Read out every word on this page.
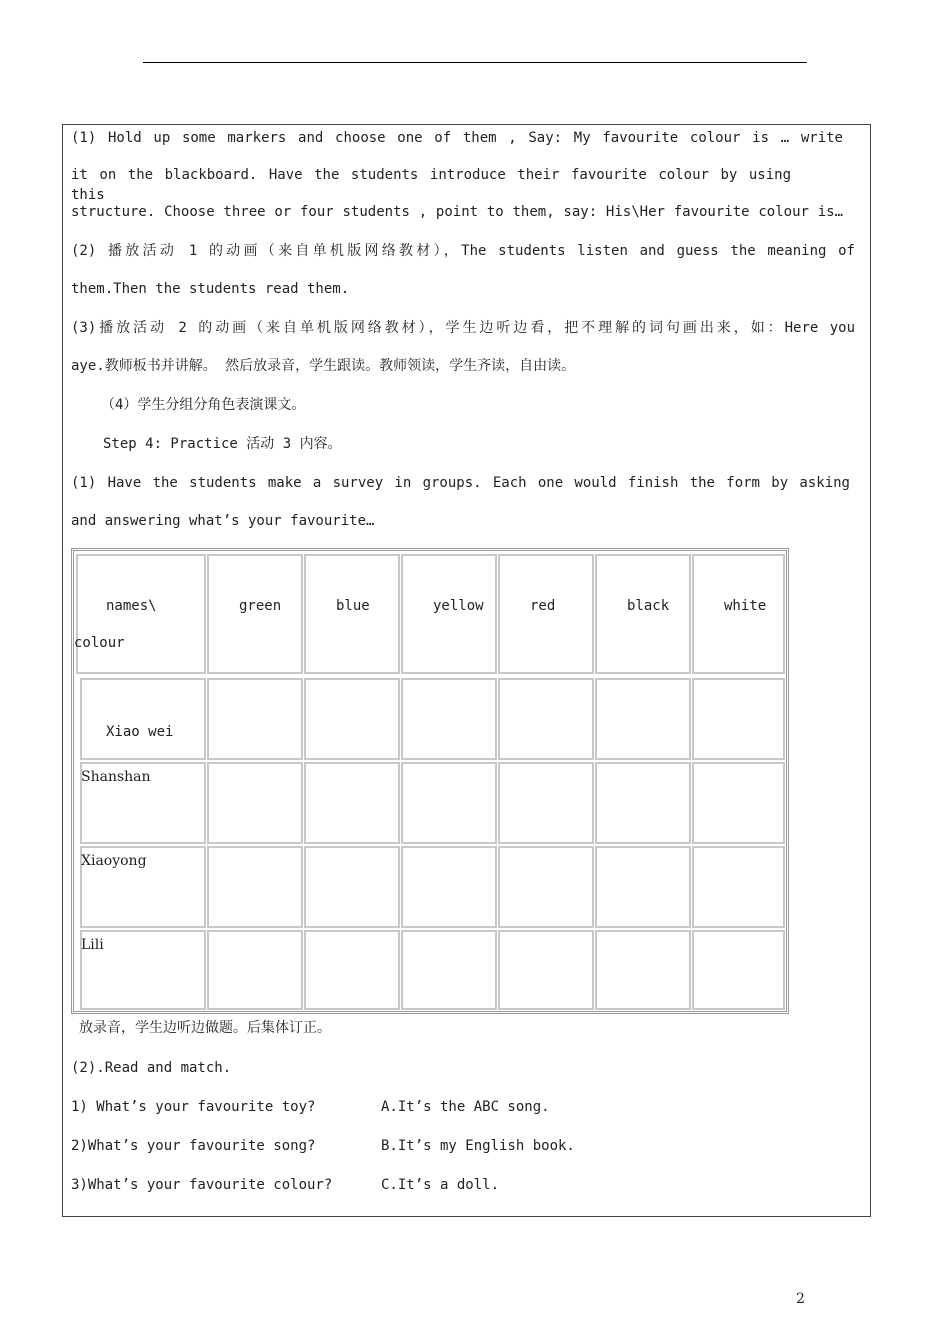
(1) Hold up some markers and choose one of them , Say: My favourite colour is … write
it on the blackboard. Have the students introduce their favourite colour by using this
structure. Choose three or four students , point to them, say: His\Her favourite colour is…
(2) 播放活动 1 的动画（来自单机版网络教材），The students listen and guess the meaning of
them.Then the students read them.
(3)播放活动 2 的动画（来自单机版网络教材），学生边听边看，把不理解的词句画出来，如：Here you
aye.教师板书并讲解。 然后放录音，学生跟读。教师领读，学生齐读，自由读。
（4）学生分组分角色表演课文。
Step 4: Practice 活动 3 内容。
(1) Have the students make a survey in groups. Each one would finish the form by asking
and answering what’s your favourite…
names\
colour
green	blue	yellow	red	black	white
Xiao wei
Shanshan
Xiaoyong
Lili
放录音，学生边听边做题。后集体订正。
(2).Read and match.
1) What’s your favourite toy?	A.It’s the ABC song.
2)What’s your favourite song?	B.It’s my English book.
3)What’s your favourite colour?	C.It’s a doll.
2
